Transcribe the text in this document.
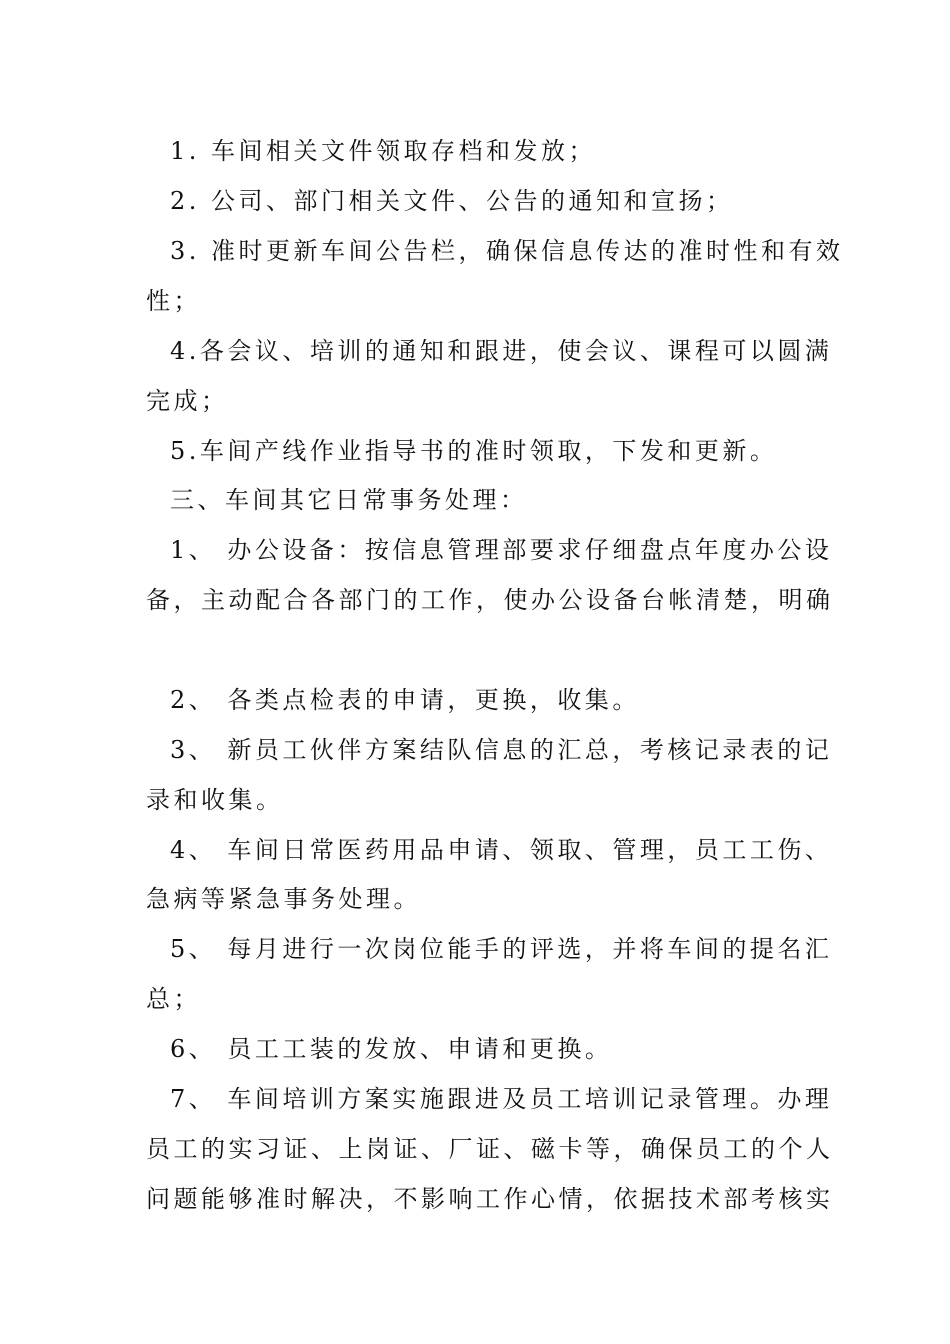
1. 车间相关文件领取存档和发放；
2. 公司、部门相关文件、公告的通知和宣扬；
3. 准时更新车间公告栏，确保信息传达的准时性和有效
性；
4.各会议、培训的通知和跟进，使会议、课程可以圆满
完成；
5.车间产线作业指导书的准时领取，下发和更新。
三、车间其它日常事务处理：
1、 办公设备：按信息管理部要求仔细盘点年度办公设
备，主动配合各部门的工作，使办公设备台帐清楚，明确
2、 各类点检表的申请，更换，收集。
3、 新员工伙伴方案结队信息的汇总，考核记录表的记
录和收集。
4、 车间日常医药用品申请、领取、管理，员工工伤、
急病等紧急事务处理。
5、 每月进行一次岗位能手的评选，并将车间的提名汇
总；
6、 员工工装的发放、申请和更换。
7、 车间培训方案实施跟进及员工培训记录管理。办理
员工的实习证、上岗证、厂证、磁卡等，确保员工的个人
问题能够准时解决，不影响工作心情，依据技术部考核实
